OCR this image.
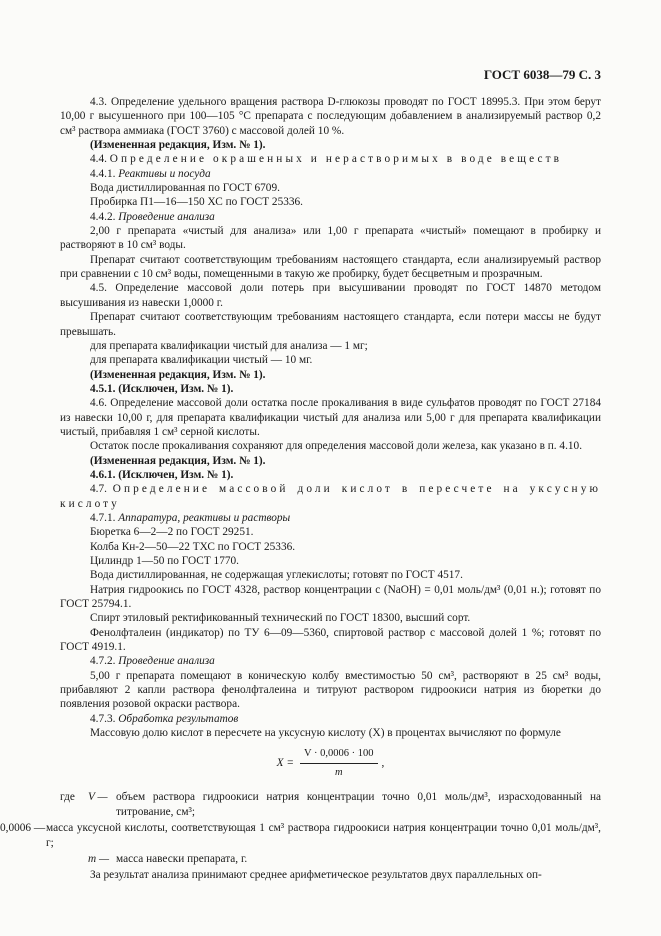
ГОСТ 6038—79 С. 3

4.3. Определение удельного вращения раствора D-глюкозы проводят по ГОСТ 18995.3. При этом берут 10,00 г высушенного при 100—105 °С препарата с последующим добавлением в анализируемый раствор 0,2 см³ раствора аммиака (ГОСТ 3760) с массовой долей 10 %.

(Измененная редакция, Изм. № 1).

4.4. Определение окрашенных и нерастворимых в воде веществ

4.4.1. Реактивы и посуда

Вода дистиллированная по ГОСТ 6709.

Пробирка П1—16—150 ХС по ГОСТ 25336.

4.4.2. Проведение анализа

2,00 г препарата «чистый для анализа» или 1,00 г препарата «чистый» помещают в пробирку и растворяют в 10 см³ воды.

Препарат считают соответствующим требованиям настоящего стандарта, если анализируемый раствор при сравнении с 10 см³ воды, помещенными в такую же пробирку, будет бесцветным и прозрачным.

4.5. Определение массовой доли потерь при высушивании проводят по ГОСТ 14870 методом высушивания из навески 1,0000 г.

Препарат считают соответствующим требованиям настоящего стандарта, если потери массы не будут превышать.

для препарата квалификации чистый для анализа — 1 мг;

для препарата квалификации чистый — 10 мг.

(Измененная редакция, Изм. № 1).

4.5.1. (Исключен, Изм. № 1).

4.6. Определение массовой доли остатка после прокаливания в виде сульфатов проводят по ГОСТ 27184 из навески 10,00 г, для препарата квалификации чистый для анализа или 5,00 г для препарата квалификации чистый, прибавляя 1 см³ серной кислоты.

Остаток после прокаливания сохраняют для определения массовой доли железа, как указано в п. 4.10.

(Измененная редакция, Изм. № 1).

4.6.1. (Исключен, Изм. № 1).

4.7. Определение массовой доли кислот в пересчете на уксусную кислоту

4.7.1. Аппаратура, реактивы и растворы

Бюретка 6—2—2 по ГОСТ 29251.

Колба Кн-2—50—22 ТХС по ГОСТ 25336.

Цилиндр 1—50 по ГОСТ 1770.

Вода дистиллированная, не содержащая углекислоты; готовят по ГОСТ 4517.

Натрия гидроокись по ГОСТ 4328, раствор концентрации с (NaOH) = 0,01 моль/дм³ (0,01 н.); готовят по ГОСТ 25794.1.

Спирт этиловый ректификованный технический по ГОСТ 18300, высший сорт.

Фенолфталеин (индикатор) по ТУ 6—09—5360, спиртовой раствор с массовой долей 1 %; готовят по ГОСТ 4919.1.

4.7.2. Проведение анализа

5,00 г препарата помещают в коническую колбу вместимостью 50 см³, растворяют в 25 см³ воды, прибавляют 2 капли раствора фенолфталеина и титруют раствором гидроокиси натрия из бюретки до появления розовой окраски раствора.

4.7.3. Обработка результатов

Массовую долю кислот в пересчете на уксусную кислоту (X) в процентах вычисляют по формуле

$X = \frac{V \cdot 0,0006 \cdot 100}{m}$ ,
где V — объем раствора гидроокиси натрия концентрации точно 0,01 моль/дм³, израсходованный на титрование, см³;
0,0006 — масса уксусной кислоты, соответствующая 1 см³ раствора гидроокиси натрия концентрации точно 0,01 моль/дм³, г;
m — масса навески препарата, г.

За результат анализа принимают среднее арифметическое результатов двух параллельных оп-
